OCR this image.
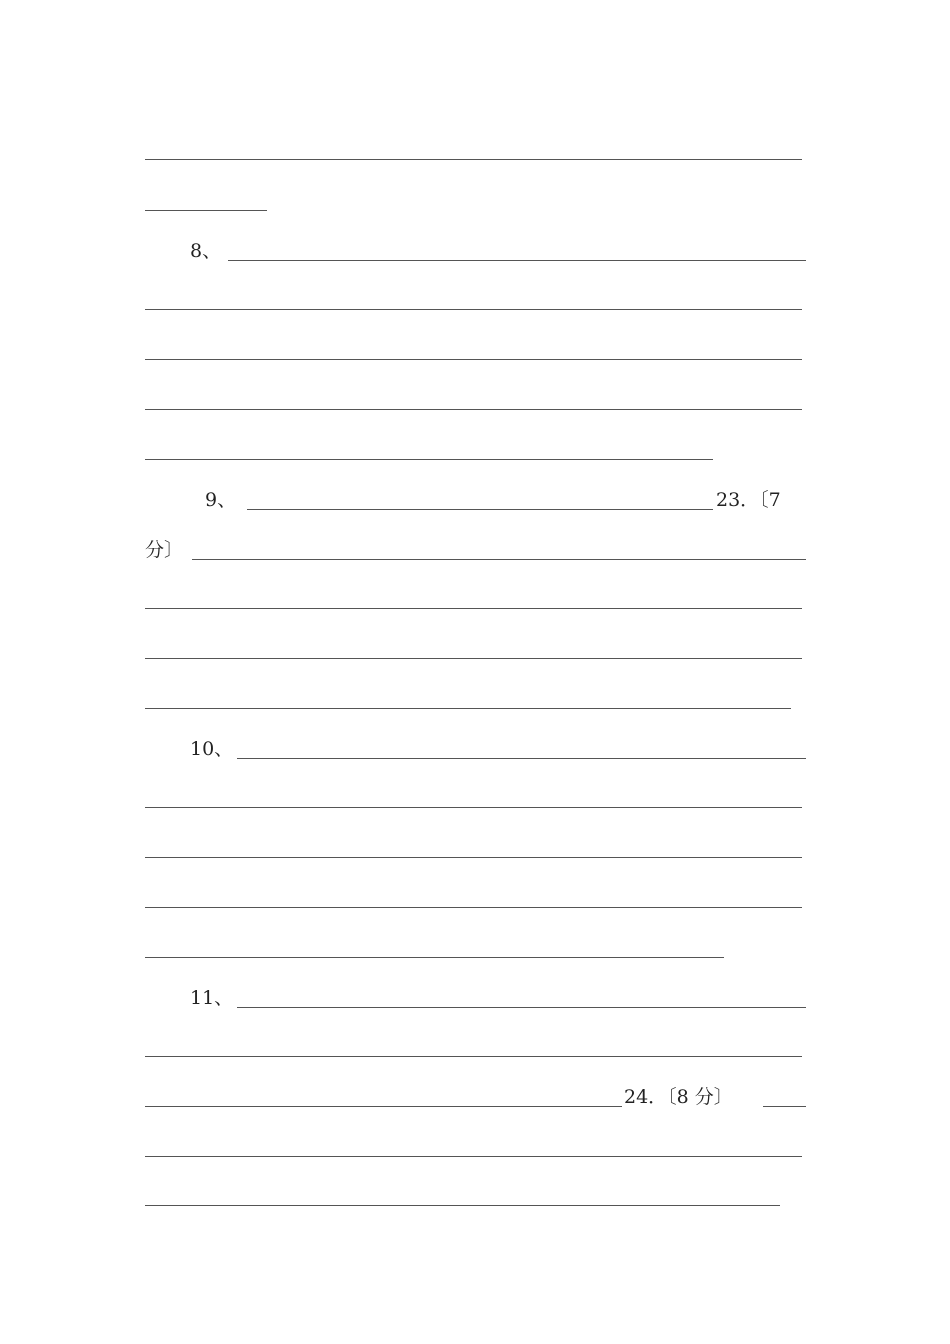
8、
9、	23．〔7
分〕
10、
11、
24．〔8 分〕
